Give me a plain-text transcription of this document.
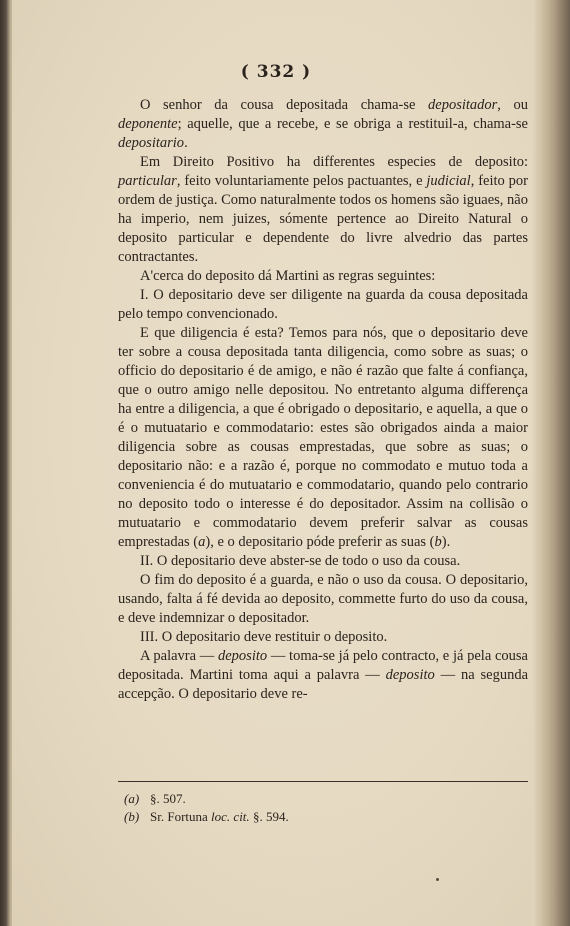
( 332 )

O senhor da cousa depositada chama-se depositador, ou deponente; aquelle, que a recebe, e se obriga a restituil-a, chama-se depositario.

Em Direito Positivo ha differentes especies de deposito: particular, feito voluntariamente pelos pactuantes, e judicial, feito por ordem de justiça. Como naturalmente todos os homens são iguaes, não ha imperio, nem juizes, sómente pertence ao Direito Natural o deposito particular e dependente do livre alvedrio das partes contractantes.

A'cerca do deposito dá Martini as regras seguintes:

I. O depositario deve ser diligente na guarda da cousa depositada pelo tempo convencionado.

E que diligencia é esta? Temos para nós, que o depositario deve ter sobre a cousa depositada tanta diligencia, como sobre as suas; o officio do depositario é de amigo, e não é razão que falte á confiança, que o outro amigo nelle depositou. No entretanto alguma differença ha entre a diligencia, a que é obrigado o depositario, e aquella, a que o é o mutuatario e commodatario: estes são obrigados ainda a maior diligencia sobre as cousas emprestadas, que sobre as suas; o depositario não: e a razão é, porque no commodato e mutuo toda a conveniencia é do mutuatario e commodatario, quando pelo contrario no deposito todo o interesse é do depositador. Assim na collisão o mutuatario e commodatario devem preferir salvar as cousas emprestadas (a), e o depositario póde preferir as suas (b).

II. O depositario deve abster-se de todo o uso da cousa.

O fim do deposito é a guarda, e não o uso da cousa. O depositario, usando, falta á fé devida ao deposito, commette furto do uso da cousa, e deve indemnizar o depositador.

III. O depositario deve restituir o deposito.

A palavra — deposito — toma-se já pelo contracto, e já pela cousa depositada. Martini toma aqui a palavra — deposito — na segunda accepção. O depositario deve re-

(a) §. 507.
(b) Sr. Fortuna loc. cit. §. 594.
